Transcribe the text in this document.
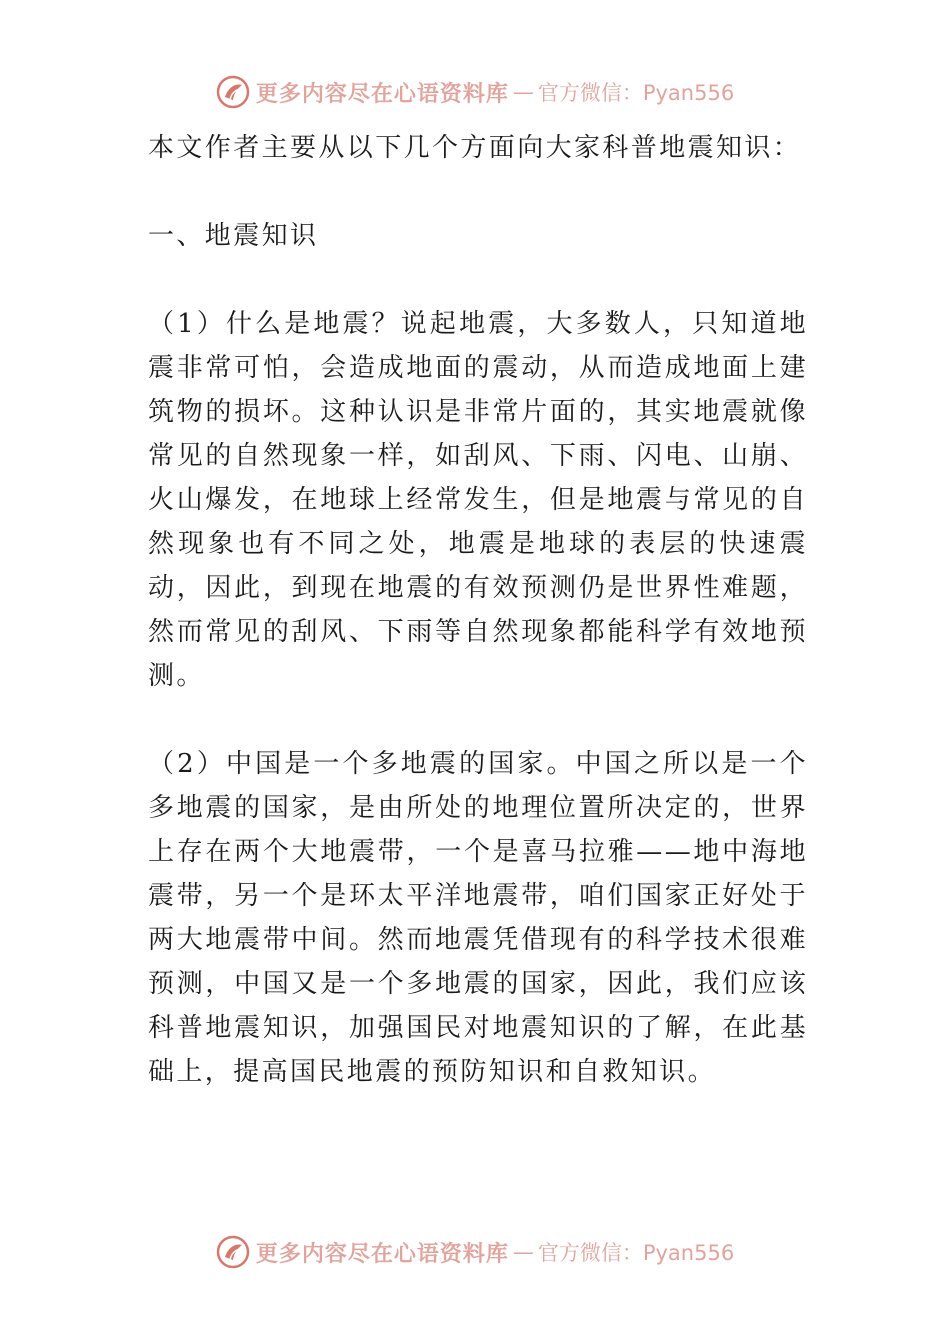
更多内容尽在心语资料库 — 官方微信：Pyan556

本文作者主要从以下几个方面向大家科普地震知识：

一、地震知识

（1）什么是地震？说起地震，大多数人，只知道地震非常可怕，会造成地面的震动，从而造成地面上建筑物的损坏。这种认识是非常片面的，其实地震就像常见的自然现象一样，如刮风、下雨、闪电、山崩、火山爆发，在地球上经常发生，但是地震与常见的自然现象也有不同之处，地震是地球的表层的快速震动，因此，到现在地震的有效预测仍是世界性难题，然而常见的刮风、下雨等自然现象都能科学有效地预测。

（2）中国是一个多地震的国家。中国之所以是一个多地震的国家，是由所处的地理位置所决定的，世界上存在两个大地震带，一个是喜马拉雅——地中海地震带，另一个是环太平洋地震带，咱们国家正好处于两大地震带中间。然而地震凭借现有的科学技术很难预测，中国又是一个多地震的国家，因此，我们应该科普地震知识，加强国民对地震知识的了解，在此基础上，提高国民地震的预防知识和自救知识。

更多内容尽在心语资料库 — 官方微信：Pyan556
